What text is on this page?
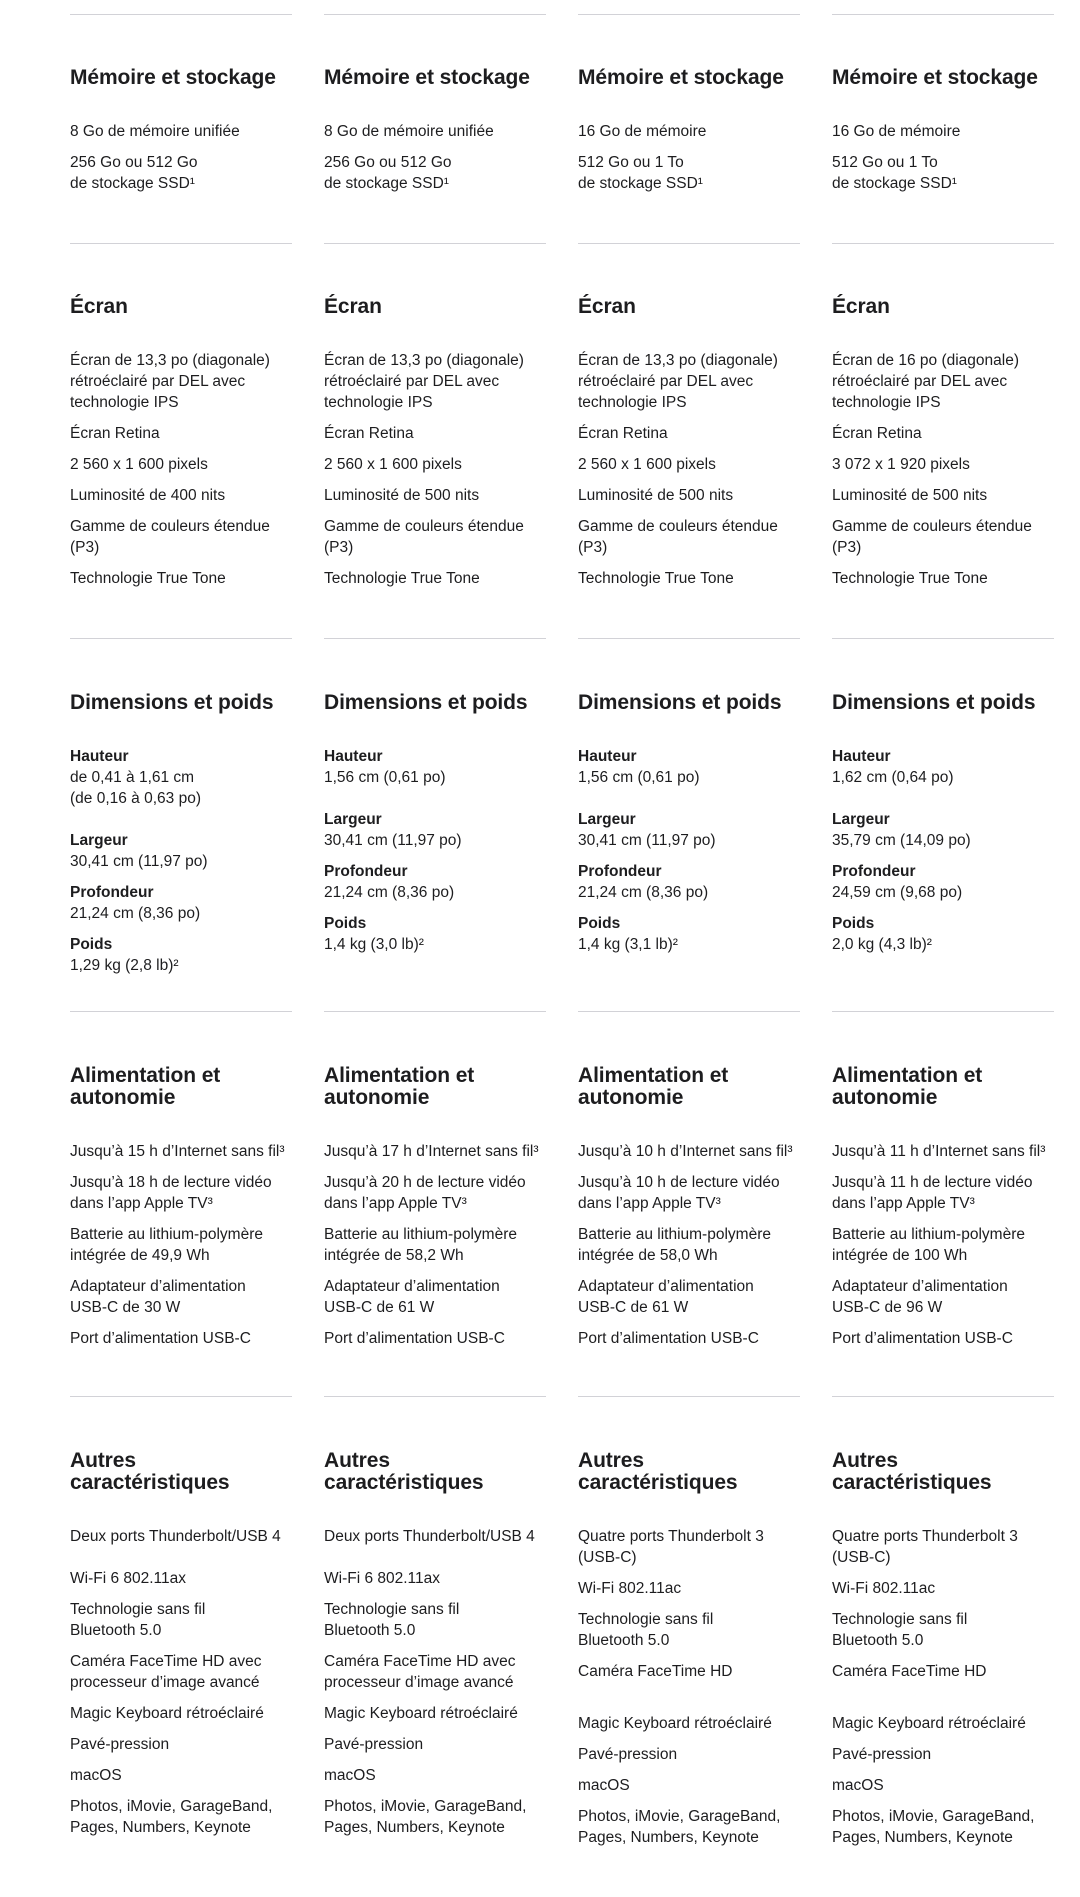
Mémoire et stockage

8 Go de mémoire unifiée

256 Go ou 512 Go
de stockage SSD¹

Écran

Écran de 13,3 po (diagonale)
rétroéclairé par DEL avec
technologie IPS

Écran Retina

2 560 x 1 600 pixels

Luminosité de 400 nits

Gamme de couleurs étendue
(P3)

Technologie True Tone

Dimensions et poids

Hauteur
de 0,41 à 1,61 cm
(de 0,16 à 0,63 po)

Largeur
30,41 cm (11,97 po)

Profondeur
21,24 cm (8,36 po)

Poids
1,29 kg (2,8 lb)²

Alimentation et
autonomie

Jusqu’à 15 h d’Internet sans fil³

Jusqu’à 18 h de lecture vidéo
dans l’app Apple TV³

Batterie au lithium-polymère
intégrée de 49,9 Wh

Adaptateur d’alimentation
USB-C de 30 W

Port d’alimentation USB-C

Autres
caractéristiques

Deux ports Thunderbolt/USB 4

Wi-Fi 6 802.11ax

Technologie sans fil
Bluetooth 5.0

Caméra FaceTime HD avec
processeur d’image avancé

Magic Keyboard rétroéclairé

Pavé-pression

macOS

Photos, iMovie, GarageBand,
Pages, Numbers, Keynote

Mémoire et stockage

8 Go de mémoire unifiée

256 Go ou 512 Go
de stockage SSD¹

Écran

Écran de 13,3 po (diagonale)
rétroéclairé par DEL avec
technologie IPS

Écran Retina

2 560 x 1 600 pixels

Luminosité de 500 nits

Gamme de couleurs étendue
(P3)

Technologie True Tone

Dimensions et poids

Hauteur
1,56 cm (0,61 po)

Largeur
30,41 cm (11,97 po)

Profondeur
21,24 cm (8,36 po)

Poids
1,4 kg (3,0 lb)²

Alimentation et
autonomie

Jusqu’à 17 h d’Internet sans fil³

Jusqu’à 20 h de lecture vidéo
dans l’app Apple TV³

Batterie au lithium-polymère
intégrée de 58,2 Wh

Adaptateur d’alimentation
USB-C de 61 W

Port d’alimentation USB-C

Autres
caractéristiques

Deux ports Thunderbolt/USB 4

Wi-Fi 6 802.11ax

Technologie sans fil
Bluetooth 5.0

Caméra FaceTime HD avec
processeur d’image avancé

Magic Keyboard rétroéclairé

Pavé-pression

macOS

Photos, iMovie, GarageBand,
Pages, Numbers, Keynote

Mémoire et stockage

16 Go de mémoire

512 Go ou 1 To
de stockage SSD¹

Écran

Écran de 13,3 po (diagonale)
rétroéclairé par DEL avec
technologie IPS

Écran Retina

2 560 x 1 600 pixels

Luminosité de 500 nits

Gamme de couleurs étendue
(P3)

Technologie True Tone

Dimensions et poids

Hauteur
1,56 cm (0,61 po)

Largeur
30,41 cm (11,97 po)

Profondeur
21,24 cm (8,36 po)

Poids
1,4 kg (3,1 lb)²

Alimentation et
autonomie

Jusqu’à 10 h d’Internet sans fil³

Jusqu’à 10 h de lecture vidéo
dans l’app Apple TV³

Batterie au lithium-polymère
intégrée de 58,0 Wh

Adaptateur d’alimentation
USB-C de 61 W

Port d’alimentation USB-C

Autres
caractéristiques

Quatre ports Thunderbolt 3
(USB-C)

Wi-Fi 802.11ac

Technologie sans fil
Bluetooth 5.0

Caméra FaceTime HD

Magic Keyboard rétroéclairé

Pavé-pression

macOS

Photos, iMovie, GarageBand,
Pages, Numbers, Keynote

Mémoire et stockage

16 Go de mémoire

512 Go ou 1 To
de stockage SSD¹

Écran

Écran de 16 po (diagonale)
rétroéclairé par DEL avec
technologie IPS

Écran Retina

3 072 x 1 920 pixels

Luminosité de 500 nits

Gamme de couleurs étendue
(P3)

Technologie True Tone

Dimensions et poids

Hauteur
1,62 cm (0,64 po)

Largeur
35,79 cm (14,09 po)

Profondeur
24,59 cm (9,68 po)

Poids
2,0 kg (4,3 lb)²

Alimentation et
autonomie

Jusqu’à 11 h d’Internet sans fil³

Jusqu’à 11 h de lecture vidéo
dans l’app Apple TV³

Batterie au lithium-polymère
intégrée de 100 Wh

Adaptateur d’alimentation
USB-C de 96 W

Port d’alimentation USB-C

Autres
caractéristiques

Quatre ports Thunderbolt 3
(USB-C)

Wi-Fi 802.11ac

Technologie sans fil
Bluetooth 5.0

Caméra FaceTime HD

Magic Keyboard rétroéclairé

Pavé-pression

macOS

Photos, iMovie, GarageBand,
Pages, Numbers, Keynote
